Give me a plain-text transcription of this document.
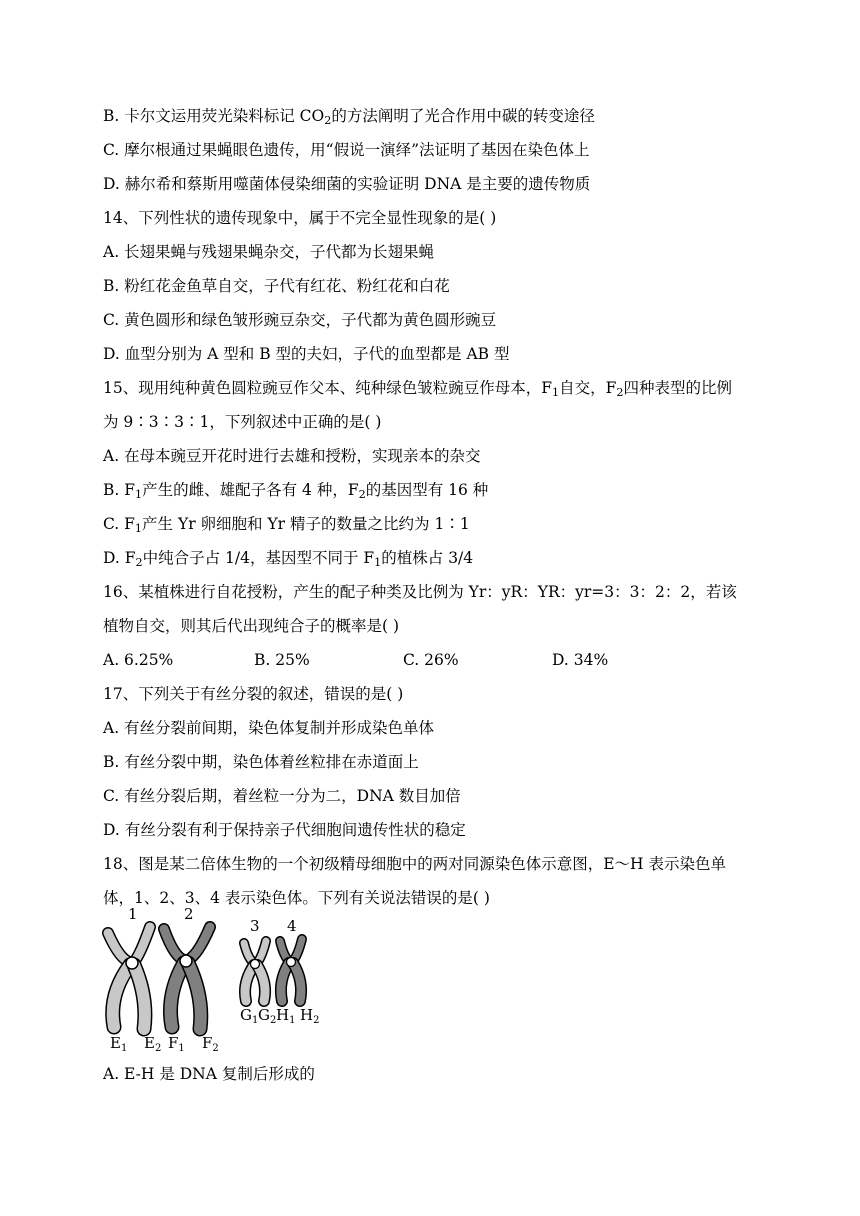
B. 卡尔文运用荧光染料标记 $CO_2$的方法阐明了光合作用中碳的转变途径
C. 摩尔根通过果蝇眼色遗传，用“假说一演绎”法证明了基因在染色体上
D. 赫尔希和蔡斯用噬菌体侵染细菌的实验证明 DNA 是主要的遗传物质
14、下列性状的遗传现象中，属于不完全显性现象的是( )
A. 长翅果蝇与残翅果蝇杂交，子代都为长翅果蝇
B. 粉红花金鱼草自交，子代有红花、粉红花和白花
C. 黄色圆形和绿色皱形豌豆杂交，子代都为黄色圆形豌豆
D. 血型分别为 A 型和 B 型的夫妇，子代的血型都是 AB 型
15、现用纯种黄色圆粒豌豆作父本、纯种绿色皱粒豌豆作母本，$F_1$自交，$F_2$四种表型的比例
为 9∶3∶3∶1，下列叙述中正确的是( )
A. 在母本豌豆开花时进行去雄和授粉，实现亲本的杂交
B. $F_1$产生的雌、雄配子各有 4 种，$F_2$的基因型有 16 种
C. $F_1$产生 Yr 卵细胞和 Yr 精子的数量之比约为 1∶1
D. $F_2$中纯合子占 1/4，基因型不同于 $F_1$的植株占 3/4
16、某植株进行自花授粉，产生的配子种类及比例为 Yr：yR：YR：yr=3：3：2：2，若该
植物自交，则其后代出现纯合子的概率是( )
A. 6.25%	B. 25%	C. 26%	D. 34%
17、下列关于有丝分裂的叙述，错误的是( )
A. 有丝分裂前间期，染色体复制并形成染色单体
B. 有丝分裂中期，染色体着丝粒排在赤道面上
C. 有丝分裂后期，着丝粒一分为二，DNA 数目加倍
D. 有丝分裂有利于保持亲子代细胞间遗传性状的稳定
18、图是某二倍体生物的一个初级精母细胞中的两对同源染色体示意图，E～H 表示染色单
体，1、2、3、4 表示染色体。下列有关说法错误的是( )
A. E-H 是 DNA 复制后形成的
1	2
3 4
$E_1$ $E_2$ $F_1$ $F_2$
$G_1$ $G_2$ $H_1$ $H_2$
